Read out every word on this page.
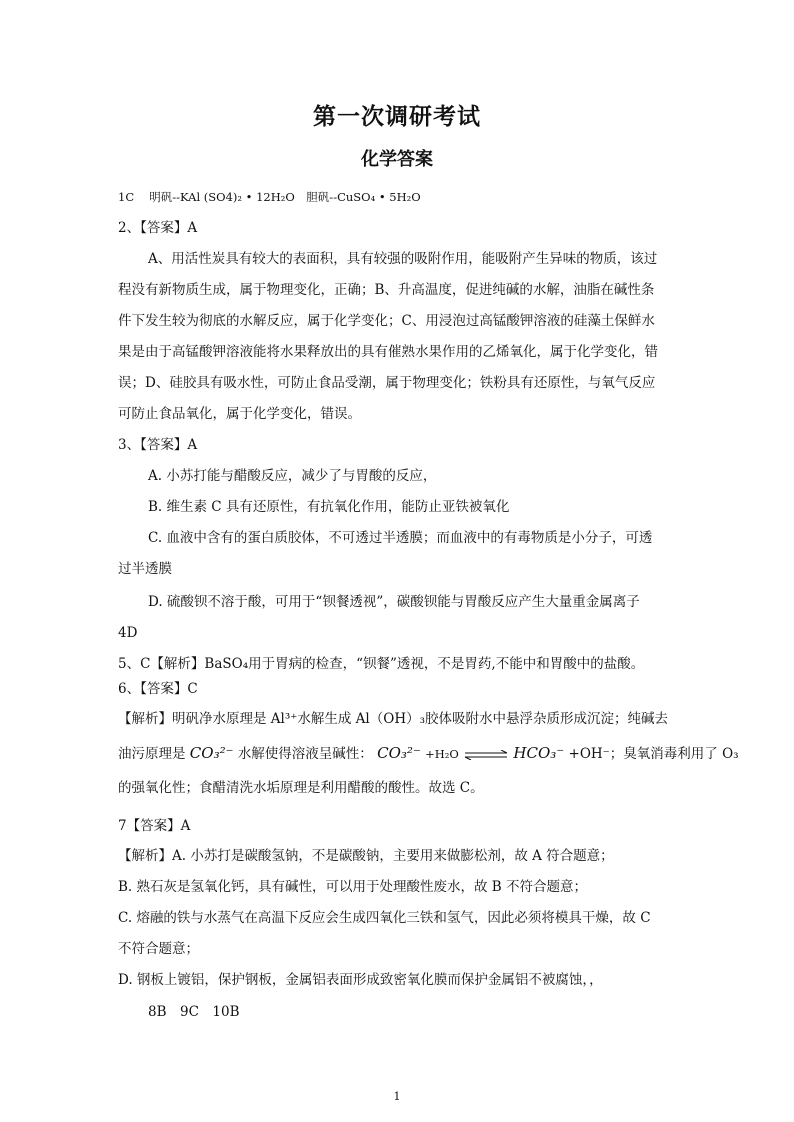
第一次调研考试
化学答案
1C　 明矾--KAl (SO4)₂ • 12H₂O　胆矾--CuSO₄ • 5H₂O
2、【答案】A
A、用活性炭具有较大的表面积，具有较强的吸附作用，能吸附产生异味的物质，该过
程没有新物质生成，属于物理变化，正确；B、升高温度，促进纯碱的水解，油脂在碱性条
件下发生较为彻底的水解反应，属于化学变化；C、用浸泡过高锰酸钾溶液的硅藻土保鲜水
果是由于高锰酸钾溶液能将水果释放出的具有催熟水果作用的乙烯氧化，属于化学变化，错
误；D、硅胶具有吸水性，可防止食品受潮，属于物理变化；铁粉具有还原性，与氧气反应
可防止食品氧化，属于化学变化，错误。
3、【答案】A
A. 小苏打能与醋酸反应，减少了与胃酸的反应，
B. 维生素 C 具有还原性，有抗氧化作用，能防止亚铁被氧化
C. 血液中含有的蛋白质胶体，不可透过半透膜；而血液中的有毒物质是小分子，可透
过半透膜
D. 硫酸钡不溶于酸，可用于“钡餐透视”，碳酸钡能与胃酸反应产生大量重金属离子
4D
5、C【解析】BaSO₄用于胃病的检查，“钡餐”透视，不是胃药,不能中和胃酸中的盐酸。
6、【答案】C
【解析】明矾净水原理是 Al³⁺水解生成 Al（OH）₃胶体吸附水中悬浮杂质形成沉淀；纯碱去
油污原理是 CO₃²⁻ 水解使得溶液呈碱性： CO₃²⁻ +H₂O ⇌ HCO₃⁻ +OH⁻；臭氧消毒利用了 O₃
的强氧化性；食醋清洗水垢原理是利用醋酸的酸性。故选 C。
7【答案】A
【解析】A. 小苏打是碳酸氢钠，不是碳酸钠，主要用来做膨松剂，故 A 符合题意；
B. 熟石灰是氢氧化钙，具有碱性，可以用于处理酸性废水，故 B 不符合题意；
C. 熔融的铁与水蒸气在高温下反应会生成四氧化三铁和氢气，因此必须将模具干燥，故 C
不符合题意；
D. 钢板上镀铝，保护钢板，金属铝表面形成致密氧化膜而保护金属铝不被腐蚀，，
8B　9C　10B
1
